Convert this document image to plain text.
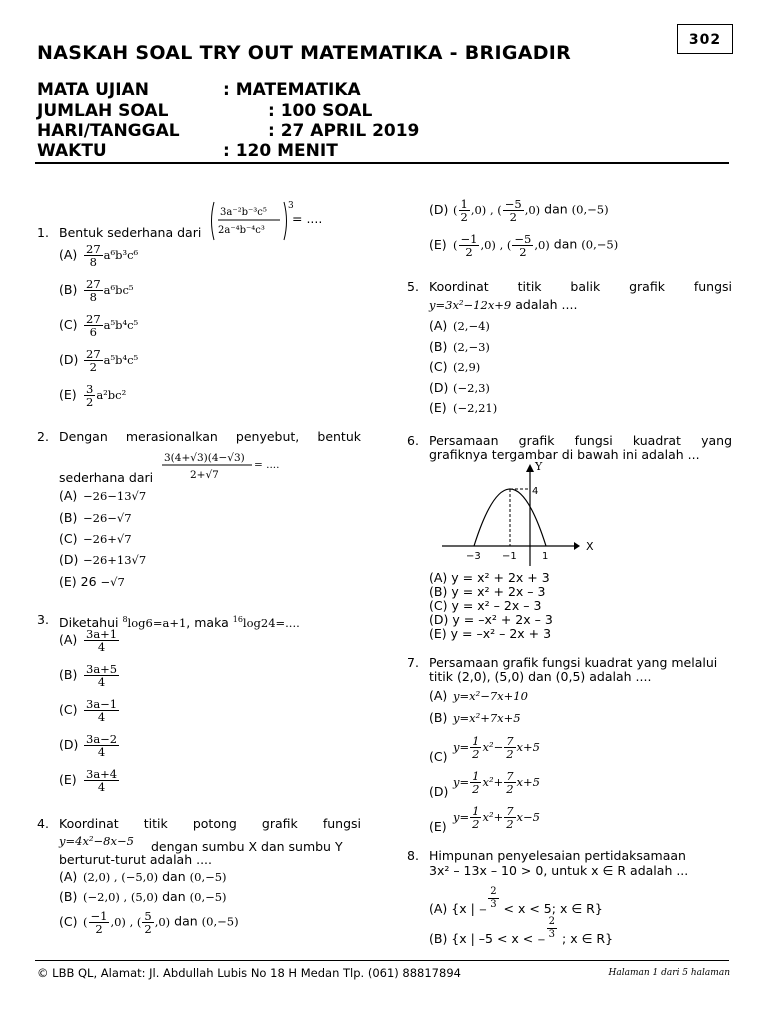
302
NASKAH SOAL TRY OUT MATEMATIKA - BRIGADIR
MATA UJIAN	: MATEMATIKA
JUMLAH SOAL	: 100 SOAL
HARI/TANGGAL	: 27 APRIL 2019
WAKTU	: 120 MENIT
1. Bentuk sederhana dari
3a⁻²b⁻³c⁵
2a⁻⁴b⁻⁴c³
3
= ....
$(A) \frac{27}{8} a^6b^3c^6$
$(B) \frac{27}{8} a^6bc^5$
$(C) \frac{27}{6} a^5b^4c^5$
$(D) \frac{27}{2} a^5b^4c^5$
$(E) \frac{3}{2} a^2bc^2$
2. Dengan merasionalkan penyebut, bentuk
3(4+√3)(4−√3)
2+√7
= ....
sederhana dari
(A) −26−13√7
(B) −26−√7
(C) −26+√7
(D) −26+13√7
(E) 26 −√7
3. Diketahui $^8$log6=a+1, maka $^{16}$log24=....
$(A) \frac{3a+1}{4}$
$(B) \frac{3a+5}{4}$
$(C) \frac{3a-1}{4}$
$(D) \frac{3a-2}{4}$
$(E) \frac{3a+4}{4}$
4. Koordinat titik potong grafik fungsi
y=4x²−8x−5 dengan sumbu X dan sumbu Y
berturut-turut adalah ....
(A) (2,0) , (−5,0) dan (0,−5)
(B) (−2,0) , (5,0) dan (0,−5)
(C) ( $\frac{-1}{2} ,0$) , ( $\frac{5}{2} ,0$) dan (0,−5)
(D) ( $\frac{1}{2} ,0$) , ( $\frac{-5}{2} ,0$) dan (0,−5)
(E) ( $\frac{-1}{2} ,0$) , ( $\frac{-5}{2} ,0$) dan (0,−5)
5. Koordinat titik balik grafik fungsi
y=3x²−12x+9 adalah ....
(A) (2,−4)
(B) (2,−3)
(C) (2,9)
(D) (−2,3)
(E) (−2,21)
6. Persamaan grafik fungsi kuadrat yang
grafiknya tergambar di bawah ini adalah ...
Y
X
4
−3 −1	1
(A) y = x² + 2x + 3
(B) y = x² + 2x – 3
(C) y = x² – 2x – 3
(D) y = –x² + 2x – 3
(E) y = –x² – 2x + 3
7. Persamaan grafik fungsi kuadrat yang melalui
titik (2,0), (5,0) dan (0,5) adalah ....
(A) y=x²−7x+10
(B) y=x²+7x+5
$(C)y= \frac{1}{2} x^2- \frac{7}{2} x+5$
$(D)y= \frac{1}{2} x^2+ \frac{7}{2} x+5$
$(E)y= \frac{1}{2} x^2+ \frac{7}{2} x-5$
8. Himpunan penyelesaian pertidaksamaan
3x² – 13x – 10 > 0, untuk x ∈ R adalah ...
(A) {x | − $\frac{2}{3} < x < 5$; x ∈ R}
(B) {x | –5 < x < − $\frac{2}{3}$ ; x ∈ R}
© LBB QL, Alamat: Jl. Abdullah Lubis No 18 H Medan Tlp. (061) 88817894	Halaman 1 dari 5 halaman
